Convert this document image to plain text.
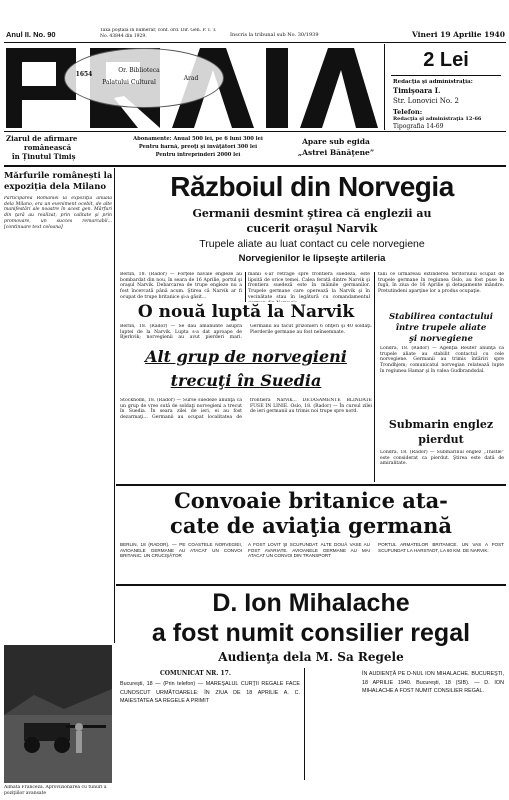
Anul II. No. 90	Taxa poştală în numerar, conf. ord. Dir. Gen. P. T. T. No. 43844 din 1929.	Inscris la tribunal sub No. 30/1939	Vineri 19 Aprilie 1940
1654
Or. Biblioteca
Palatului Cultural
Arad
2 Lei
Redacţia şi administraţia:
Timişoara I.
Str. Lonovici No. 2
Telefon:
Redacţia şi administraţia 12-66
Tipografia 14-69
Ziarul de afirmare
românească
în Ținutul Timiș
Abonamente: Anual 500 lei, pe 6 luni 300 lei
Pentru fiarnă, preoţi şi învăţători 300 lei
Pentru întreprinderi 2000 lei
Apare sub egida
„Astrei Bănăţene”
Mărfurile românești la
expoziția dela Milano
Participarea Romăniei la expoziţia anuală dela Milano, era un eveniment ocebit, de alte manifestări ale noastre în acest gen. Mărfuri din ţară au realizat, prin calitate şi prin promovare, un succes remarcabil... [continuare text coloana]
Războiul din Norvegia
Germanii desmint ştirea că englezii au
cucerit oraşul Narvik
Trupele aliate au luat contact cu cele norvegiene
Norvegienilor le lipseşte artileria
Berlin, 18. (Rador) — Forţele navale engleze au bombardat din nou, în seara de 16 Aprilie, portul şi oraşul Narvik. Debarcarea de trupe engleze nu a fost încercată până acum. Ştirea că Narvik ar fi ocupat de trupe britanice şi-a găsit...
manii s-ar retrage spre frontiera suedeză, este lipsită de orice temei. Calea ferată dintre Narvik şi frontiera suedeză este în mâinile germanilor. Trupele germane care operează la Narvik şi în vecinătate stau în legătură cu comandamentul
talii ce urmăreau extinderea teritoriului ocupat de trupele germane în regiunea Oslo, au fost puse în fugă, în ziua de 16 Aprilie şi detaşamente mândre. Pretutindeni aparţine lor a produs ocupaţie.
O nouă luptă la Narvik
Berlin, 18. (Rador) — Se dau amănunte asupra luptei de la Narvik. Lupta s-a dat aproape de Bjerkvik; norvegienii au avut pierderi mari. Germanii au făcut prizonieri 6 ofiţeri şi 40 soldaţi. Pierderile germane au fost neînsemnate.
Alt grup de norvegieni
trecuţi în Suedia
Stockholm, 18. (Rador) — Surse suedeze anunţă că un grup de vreo sută de soldaţi norvegieni a trecut în Suedia. În seara zilei de ieri, ei au fost dezarmaţi... Germanii au ocupat localitatea de frontieră Narvik... DETASAMENTE BLINDATE FUSE IN LINIE. Oslo, 18. (Rador) — În cursul zilei de ieri germanii au trimis noi trupe spre nord.
Stabilirea contactului
între trupele aliate
şi norvegiene
Londra, 18. (Rador) — Agenţia Reuter anunţă că trupele aliate au stabilit contactul cu cele norvegiene. Germanii au trimis întăriri spre Trondhjem; comunicatul norvegian relatează lupte în regiunea Hamar şi în valea Gudbrandsdal.
Submarin englez
pierdut
Londra, 18. (Rador) — Submarinul englez „Thistle” este considerat ca pierdut. Ştirea este dată de amiralitate.
Convoaie britanice ata-
cate de aviaţia germană
BERLIN, 18 (RADOR). — PE COASTELE NORVEGIEI, AVIOANELE GERMANE AU ATACAT UN CONVOI BRITANIC. UN CRUCIŞĂTOR
A FOST LOVIT ŞI SCUFUNDAT. ALTE DOUĂ VASE AU FOST AVARIATE. AVIOANELE GERMANE AU MAI ATACAT UN CONVOI DIN TRANSPORT
PORTUL ARMATELOR BRITANICE. UN VAS A FOST SCUFUNDAT LA HARSTADT, LA 60 KM. DE NARVIK.
Aimata Franceză. Aprovizionarea cu tunuri a poziţiilor avansate
D. Ion Mihalache
a fost numit consilier regal
Audienţa dela M. Sa Regele
COMUNICAT NR. 17.
Bucureşti, 18 — (Prin telefon) — MAREŞALUL CURŢII REGALE FACE CUNOSCUT URMĂTOARELE: ÎN ZIUA DE 18 APRILIE A. C. MAIESTATEA SA REGELE A PRIMIT
ÎN AUDIENŢĂ PE D-NUL ION MIHALACHE. BUCUREŞTI, 18 APRILIE 1940. Bucureşti, 18 (SIB). — D. ION MIHALACHE A FOST NUMIT CONSILIER REGAL.
